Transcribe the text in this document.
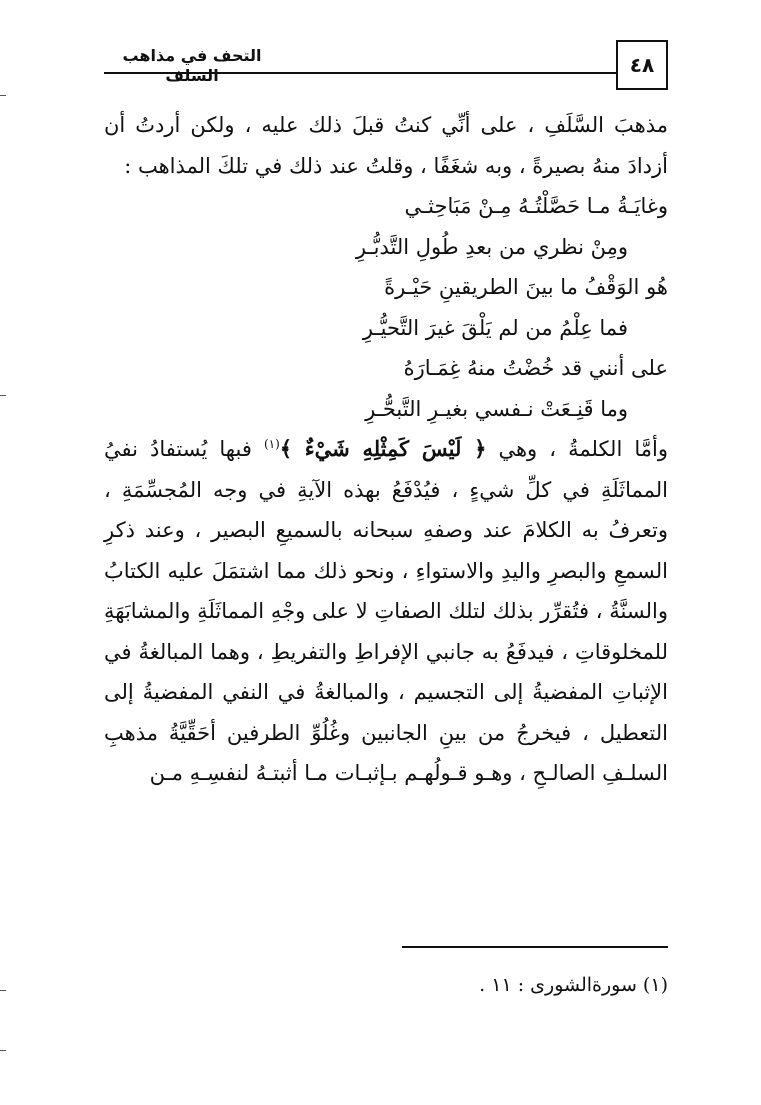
التحف في مذاهب السلف	٤٨

مذهبَ السَّلَفِ ، على أنِّي كنتُ قبلَ ذلك عليه ، ولكن أردتُ أن أزدادَ منهُ بصيرةً ، وبه شغَفًا ، وقلتُ عند ذلك في تلكَ المذاهب :

وغايَـةُ مـا حَصَّلْتُـهُ مِـنْ مَبَاحِثـي
ومِنْ نظري من بعدِ طُولِ التَّدبُّـرِ
هُو الوَقْفُ ما بينَ الطريقينِ حَيْـرةً
فما عِلْمُ من لم يَلْقَ غيرَ التَّحيُّـرِ
على أنني قد خُضْتُ منهُ غِمَـارَهُ
وما قَنِـعَتْ نـفسي بغيـرِ التَّبحُّـرِ

وأمَّا الكلمةُ ، وهي ﴿ لَيْسَ كَمِثْلِهِ شَيْءٌ ﴾$^{(١)}$ فبها يُستفادُ نفيُ المماثَلَةِ في كلِّ شيءٍ ، فيُدْفَعُ بهذه الآيةِ في وجه المُجسِّمَةِ ، وتعرفُ به الكلامَ عند وصفهِ سبحانه بالسميعِ البصير ، وعند ذكرِ السمعِ والبصرِ واليدِ والاستواءِ ، ونحو ذلك مما اشتمَلَ عليه الكتابُ والسنَّةُ ، فتُقرِّر بذلك لتلك الصفاتِ لا على وجْهِ المماثَلَةِ والمشابَهَةِ للمخلوقاتِ ، فيدفَعُ به جانبي الإفراطِ والتفريطِ ، وهما المبالغةُ في الإثباتِ المفضيةُ إلى التجسيم ، والمبالغةُ في النفي المفضيةُ إلى التعطيل ، فيخرجُ من بينِ الجانبين وغُلُوِّ الطرفين أحَقِّيَّةُ مذهبِ السلـفِ الصالـحِ ، وهـو قـولُهـم بـإثبـات مـا أثبتـهُ لنفسِـهِ مـن

(١) سورةالشورى : ١١ .
